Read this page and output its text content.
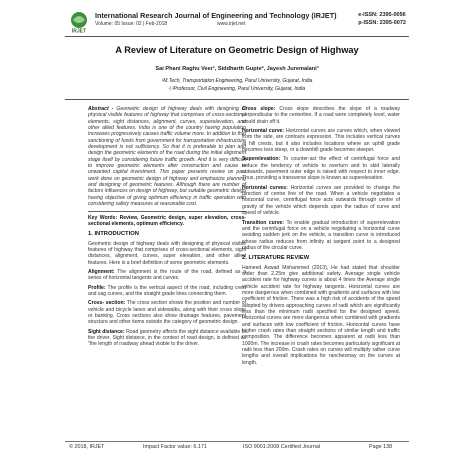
IRJET
International Research Journal of Engineering and Technology (IRJET)
Volume: 05 Issue: 02 | Feb-2018	www.irjet.net
e-ISSN: 2395-0056
p-ISSN: 2395-0072
A Review of Literature on Geometric Design of Highway
Sai Phani Raghu Veer¹, Siddharth Gupte², Jayesh Juremalani³
¹M.Tech, Transportation Engineering, Parul University, Gujarat, India
²,³Professor, Civil Engineering, Parul University, Gujarat, India

Abstract - Geometric design of highway deals with designing of physical visible features of highway that comprises of cross-sectional elements, sight distances, alignment, curves, superelevation, and other allied features. India is one of the country having population increases progressively causes traffic volume more. In addition to that sanctioning of funds from government for transportation infrastructure development is not sufficiency. So that it is preferable to plan and design the geometric elements of the road during the initial alignment stage itself by considering future traffic growth. And it is very difficult to improve geometric elements after construction and cause to unwanted capital investment. This paper presents review on past work done on geometric design of highway and emphasize planning and designing of geometric features. Although there are number of factors influences on design of highway, but suitable geometric design having objective of giving optimum efficiency in traffic operation with considering safety measures at reasonable cost.

Key Words: Review, Geometric design, super elevation, cross-sectional elements, optimum efficiency.

1. INTRODUCTION

Geometric design of highway deals with designing of physical visible features of highway that comprises of cross-sectional elements, sight distances, alignment, curves, super elevation, and other allied features. Here is a brief definition of some geometric elements.

Alignment: The alignment is the route of the road, defined as a series of horizontal tangents and curves.

Profile: The profile is the vertical aspect of the road, including crest and sag curves, and the straight grade lines connecting them.

Cross- section: The cross section shows the position and number of vehicle and bicycle lanes and sidewalks, along with their cross slope or banking. Cross sections also show drainage features, pavement structure and other items outside the category of geometric design.

Sight distance: Road geometry affects the sight distance available to the driver. Sight distance, in the context of road design, is defined as "the length of roadway ahead visible to the driver.

Cross slope: Cross slope describes the slope of a roadway perpendicular to the centerline. If a road were completely level, water would drain off it.

Horizontal curve: Horizontal curves are curves which, when viewed from the side, are contours expression. This includes vertical curves at hill crests, but it also includes locations where an uphill grade becomes less steep, or a downhill grade becomes steeper.

Superelevation: To counter-act the effect of centrifugal force and reduce the tendency of vehicle to overturn and to skid laterally outwards, pavement outer edge is raised with respect to inner edge. Thus, providing a transverse slope is known as superelevation.

Horizontal curves: Horizontal curves are provided to change the direction of centre line of the road. When a vehicle negotiates a horizontal curve, centrifugal force acts outwards through centre of gravity of the vehicle which depends upon the radius of curve and speed of vehicle.

Transition curve: To enable gradual introduction of superelevation and the centrifugal force on a vehicle negotiating a horizontal curve avoiding sudden jerk on the vehicle, a transition curve is introduced whose radius reduces from infinity at tangent point to a designed radius of the circular curve.

2. LITERATURE REVIEW

Hameed Aswad Mohammed (2013), He had stated that shoulder wider than 2.25m give additional safety. Average single vehicle accident rate for highway curves is about 4 times the Average single vehicle accident rate for highway tangents. Horizontal curves are more dangerous when combined with gradients and surfaces with low coefficient of friction. There was a high risk of accidents of the speed adopted by drivers approaching curves of radii which are significantly less than the minimum radii specified for the designed speed. Horizontal curves are more dangerous when combined with gradients and surfaces with low coefficient of friction. Horizontal curves have higher crash rates than straight sections of similar length and traffic composition. The difference becomes apparent at radii less than 1000m. The increase in crash rates becomes particularly significant at radii less than 200m. Crash rates on curves will multiply rather curve lengths and overall implications for ranchesmay on the curves at length.

© 2018, IRJET	Impact Factor value: 6.171	ISO 9001:2008 Certified Journal	Page 138
